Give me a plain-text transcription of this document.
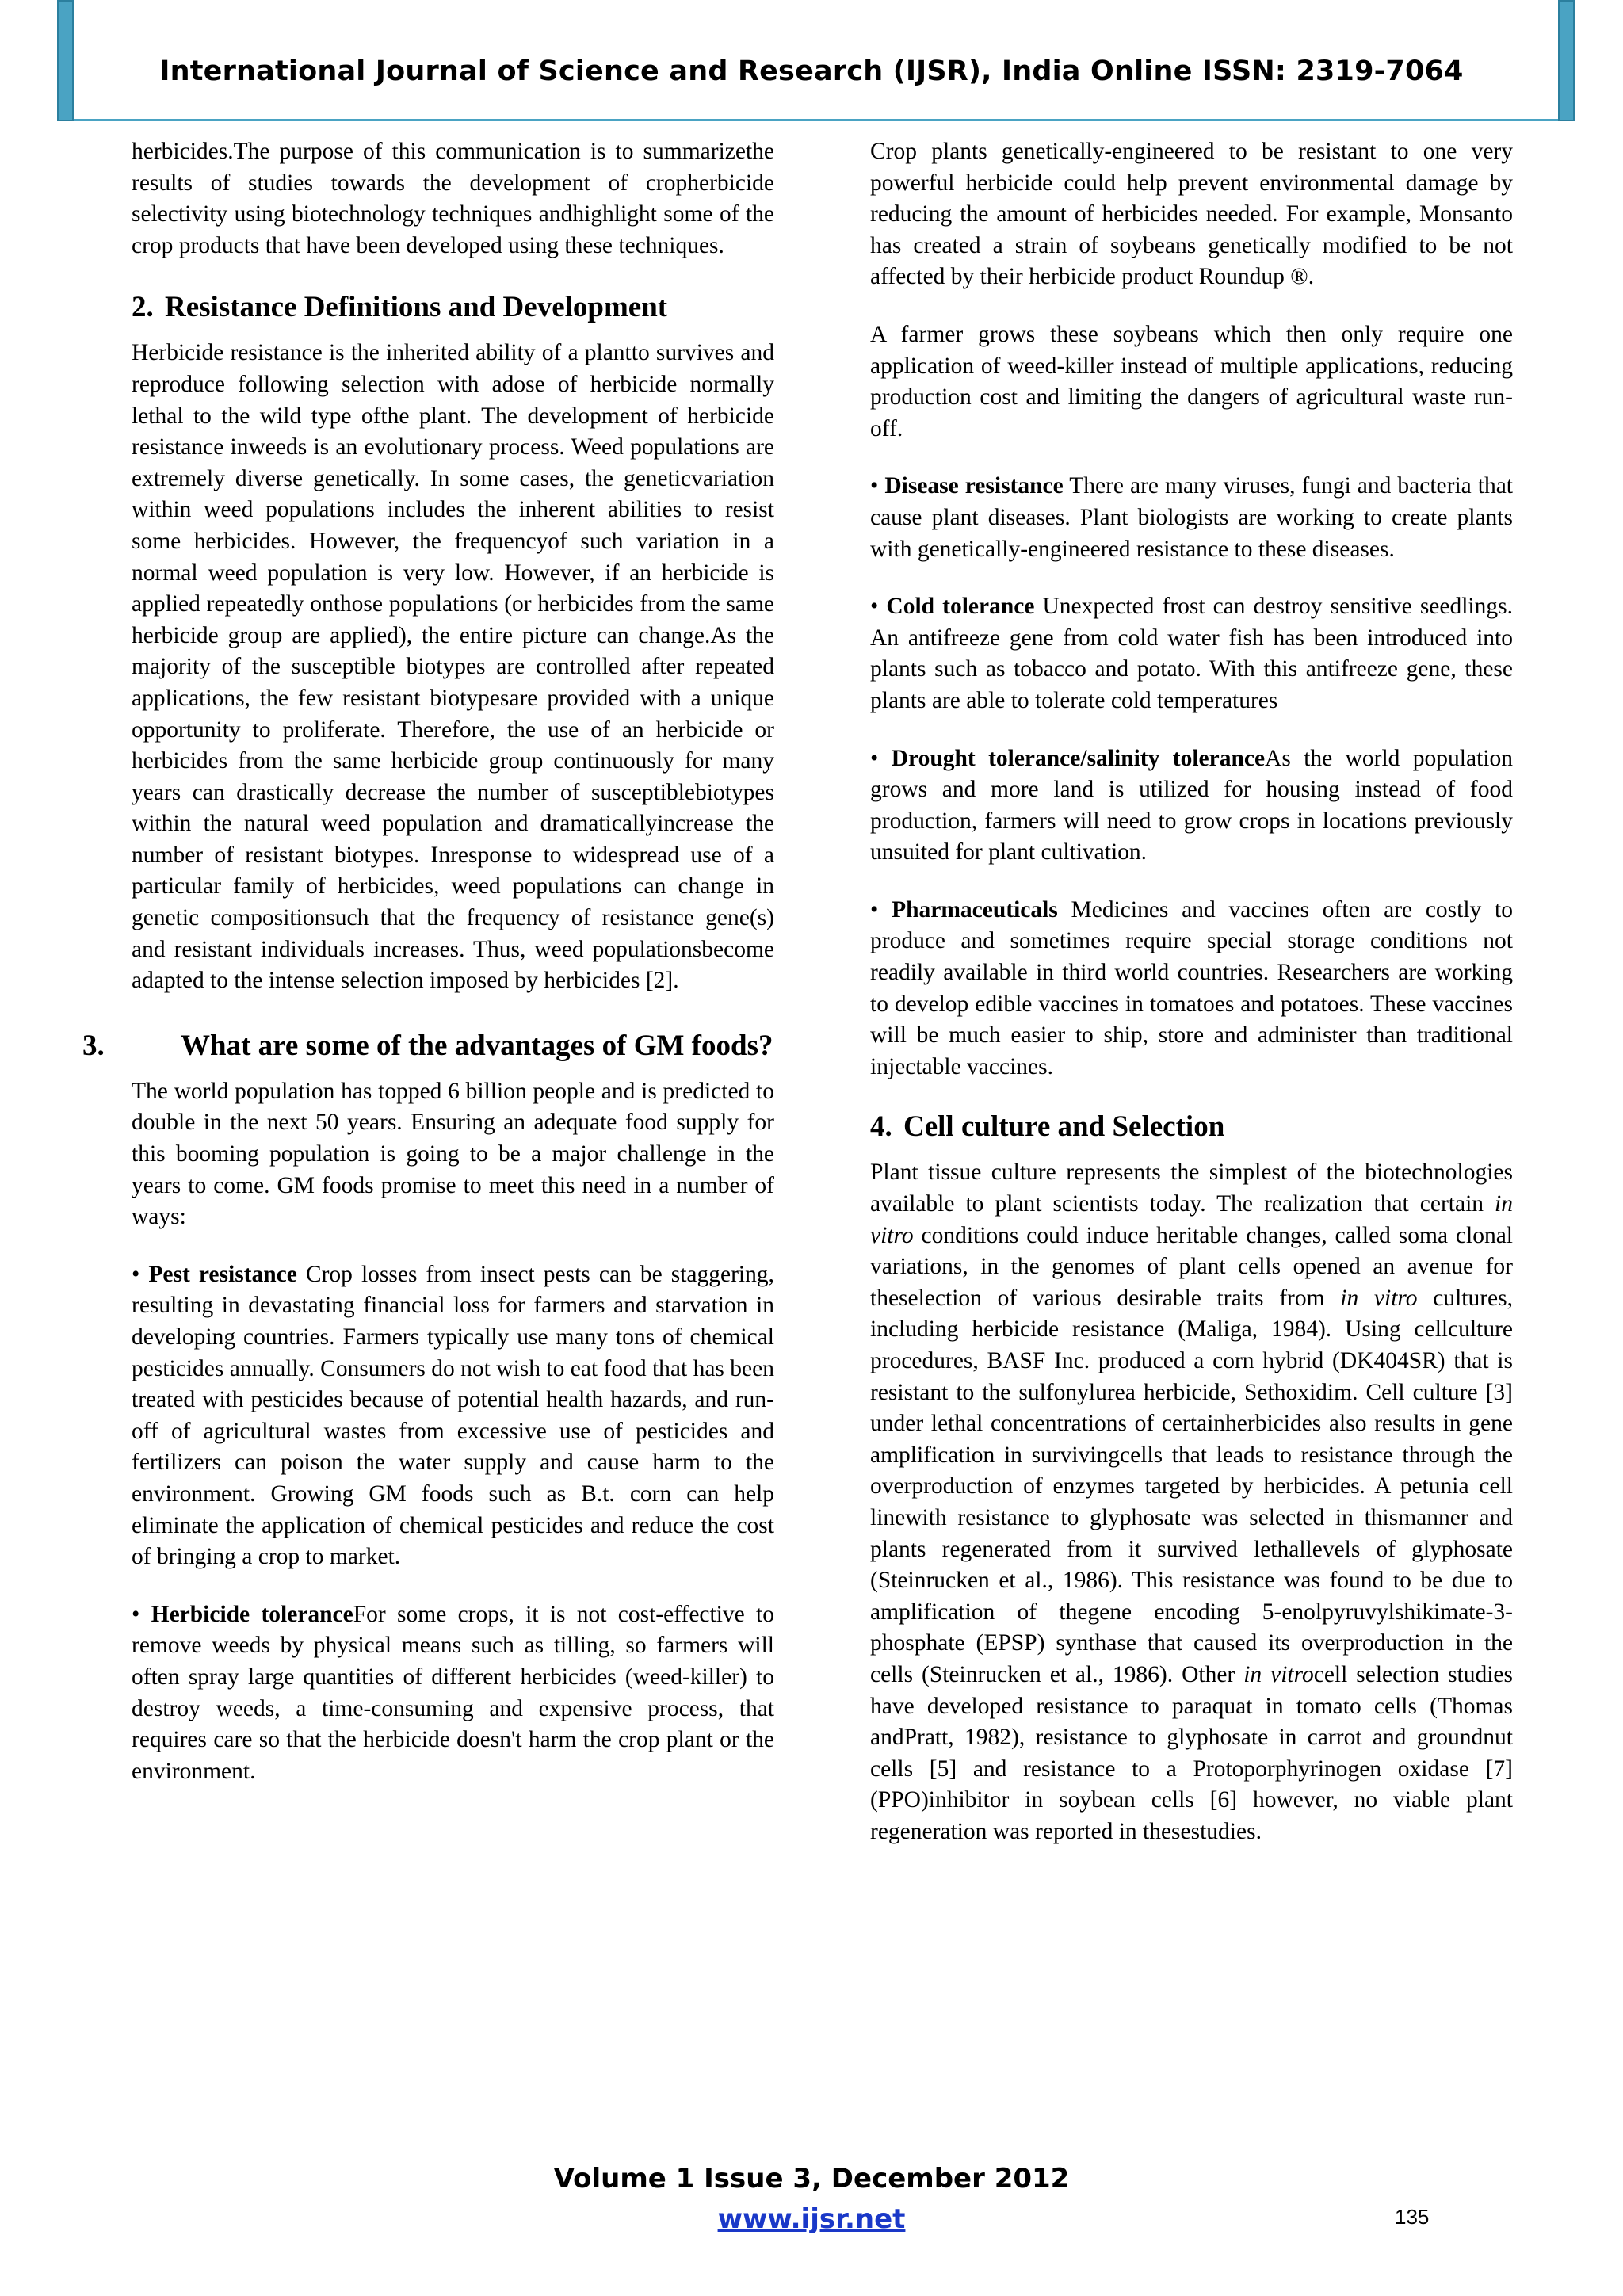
International Journal of Science and Research (IJSR), India Online ISSN: 2319-7064

herbicides.The purpose of this communication is to summarizethe results of studies towards the development of cropherbicide selectivity using biotechnology techniques andhighlight some of the crop products that have been developed using these techniques.

2. Resistance Definitions and Development

Herbicide resistance is the inherited ability of a plantto survives and reproduce following selection with adose of herbicide normally lethal to the wild type ofthe plant. The development of herbicide resistance inweeds is an evolutionary process. Weed populations are extremely diverse genetically. In some cases, the geneticvariation within weed populations includes the inherent abilities to resist some herbicides. However, the frequencyof such variation in a normal weed population is very low. However, if an herbicide is applied repeatedly onthose populations (or herbicides from the same herbicide group are applied), the entire picture can change.As the majority of the susceptible biotypes are controlled after repeated applications, the few resistant biotypesare provided with a unique opportunity to proliferate. Therefore, the use of an herbicide or herbicides from the same herbicide group continuously for many years can drastically decrease the number of susceptiblebiotypes within the natural weed population and dramaticallyincrease the number of resistant biotypes. Inresponse to widespread use of a particular family of herbicides, weed populations can change in genetic compositionsuch that the frequency of resistance gene(s) and resistant individuals increases. Thus, weed populationsbecome adapted to the intense selection imposed by herbicides [2].

3.	What are some of the advantages of GM foods?

The world population has topped 6 billion people and is predicted to double in the next 50 years. Ensuring an adequate food supply for this booming population is going to be a major challenge in the years to come. GM foods promise to meet this need in a number of ways:

• Pest resistance Crop losses from insect pests can be staggering, resulting in devastating financial loss for farmers and starvation in developing countries. Farmers typically use many tons of chemical pesticides annually. Consumers do not wish to eat food that has been treated with pesticides because of potential health hazards, and run-off of agricultural wastes from excessive use of pesticides and fertilizers can poison the water supply and cause harm to the environment. Growing GM foods such as B.t. corn can help eliminate the application of chemical pesticides and reduce the cost of bringing a crop to market.

• Herbicide toleranceFor some crops, it is not cost-effective to remove weeds by physical means such as tilling, so farmers will often spray large quantities of different herbicides (weed-killer) to destroy weeds, a time-consuming and expensive process, that requires care so that the herbicide doesn't harm the crop plant or the environment.

Crop plants genetically-engineered to be resistant to one very powerful herbicide could help prevent environmental damage by reducing the amount of herbicides needed. For example, Monsanto has created a strain of soybeans genetically modified to be not affected by their herbicide product Roundup ®.

A farmer grows these soybeans which then only require one application of weed-killer instead of multiple applications, reducing production cost and limiting the dangers of agricultural waste run-off.

• Disease resistance There are many viruses, fungi and bacteria that cause plant diseases. Plant biologists are working to create plants with genetically-engineered resistance to these diseases.

• Cold tolerance Unexpected frost can destroy sensitive seedlings. An antifreeze gene from cold water fish has been introduced into plants such as tobacco and potato. With this antifreeze gene, these plants are able to tolerate cold temperatures

• Drought tolerance/salinity toleranceAs the world population grows and more land is utilized for housing instead of food production, farmers will need to grow crops in locations previously unsuited for plant cultivation.

• Pharmaceuticals Medicines and vaccines often are costly to produce and sometimes require special storage conditions not readily available in third world countries. Researchers are working to develop edible vaccines in tomatoes and potatoes. These vaccines will be much easier to ship, store and administer than traditional injectable vaccines.

4. Cell culture and Selection

Plant tissue culture represents the simplest of the biotechnologies available to plant scientists today. The realization that certain in vitro conditions could induce heritable changes, called soma clonal variations, in the genomes of plant cells opened an avenue for theselection of various desirable traits from in vitro cultures, including herbicide resistance (Maliga, 1984). Using cellculture procedures, BASF Inc. produced a corn hybrid (DK404SR) that is resistant to the sulfonylurea herbicide, Sethoxidim. Cell culture [3] under lethal concentrations of certainherbicides also results in gene amplification in survivingcells that leads to resistance through the overproduction of enzymes targeted by herbicides. A petunia cell linewith resistance to glyphosate was selected in thismanner and plants regenerated from it survived lethallevels of glyphosate (Steinrucken et al., 1986). This resistance was found to be due to amplification of thegene encoding 5-enolpyruvylshikimate-3-phosphate (EPSP) synthase that caused its overproduction in the cells (Steinrucken et al., 1986). Other in vitrocell selection studies have developed resistance to paraquat in tomato cells (Thomas andPratt, 1982), resistance to glyphosate in carrot and groundnut cells [5] and resistance to a Protoporphyrinogen oxidase [7] (PPO)inhibitor in soybean cells [6] however, no viable plant regeneration was reported in thesestudies.

Volume 1 Issue 3, December 2012
www.ijsr.net	135
